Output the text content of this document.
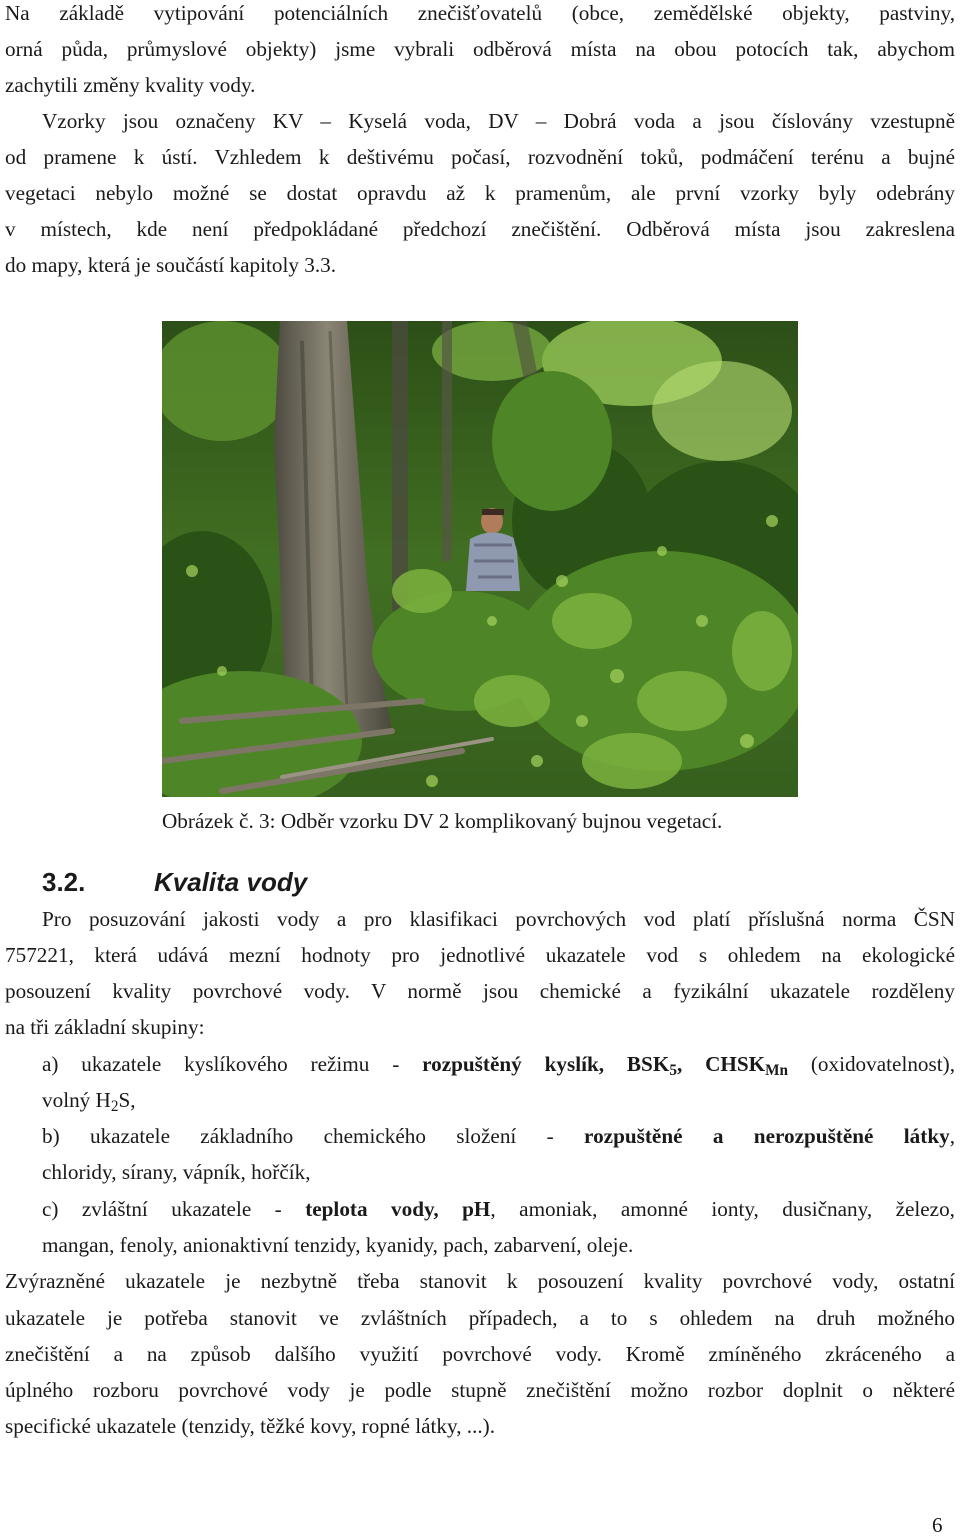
Na základě vytipování potenciálních znečišťovatelů (obce, zemědělské objekty, pastviny,
orná půda, průmyslové objekty) jsme vybrali odběrová místa na obou potocích tak, abychom
zachytili změny kvality vody.
Vzorky jsou označeny KV – Kyselá voda, DV – Dobrá voda a jsou číslovány vzestupně
od pramene k ústí. Vzhledem k deštivému počasí, rozvodnění toků, podmáčení terénu a bujné
vegetaci nebylo možné se dostat opravdu až k pramenům, ale první vzorky byly odebrány
v místech, kde není předpokládané předchozí znečištění. Odběrová místa jsou zakreslena
do mapy, která je součástí kapitoly 3.3.
Obrázek č. 3: Odběr vzorku DV 2 komplikovaný bujnou vegetací.
3.2.	Kvalita vody
Pro posuzování jakosti vody a pro klasifikaci povrchových vod platí příslušná norma ČSN
757221, která udává mezní hodnoty pro jednotlivé ukazatele vod s ohledem na ekologické
posouzení kvality povrchové vody. V normě jsou chemické a fyzikální ukazatele rozděleny
na tři základní skupiny:
a) ukazatele kyslíkového režimu - rozpuštěný kyslík, $BSK_5$, $CHSK_{Mn}$ (oxidovatelnost),
volný $H_2S$,
b) ukazatele základního chemického složení - rozpuštěné a nerozpuštěné látky,
chloridy, sírany, vápník, hořčík,
c) zvláštní ukazatele - teplota vody, pH, amoniak, amonné ionty, dusičnany, železo,
mangan, fenoly, anionaktivní tenzidy, kyanidy, pach, zabarvení, oleje.
Zvýrazněné ukazatele je nezbytně třeba stanovit k posouzení kvality povrchové vody, ostatní
ukazatele je potřeba stanovit ve zvláštních případech, a to s ohledem na druh možného
znečištění a na způsob dalšího využití povrchové vody. Kromě zmíněného zkráceného a
úplného rozboru povrchové vody je podle stupně znečištění možno rozbor doplnit o některé
specifické ukazatele (tenzidy, těžké kovy, ropné látky, ...).
6
